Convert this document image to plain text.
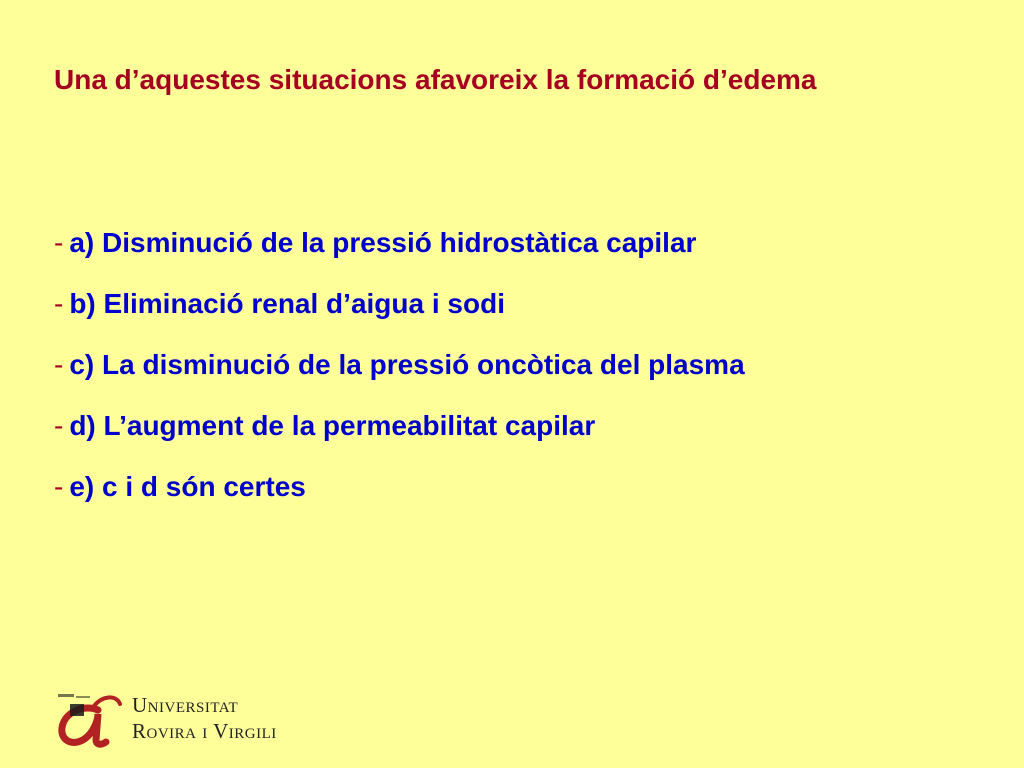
Una d’aquestes situacions afavoreix la formació d’edema
- a) Disminució de la pressió hidrostàtica capilar
- b) Eliminació renal d’aigua i sodi
- c) La disminució de la pressió oncòtica del plasma
- d) L’augment de la permeabilitat capilar
- e) c i d són certes
Universitat
Rovira i Virgili
